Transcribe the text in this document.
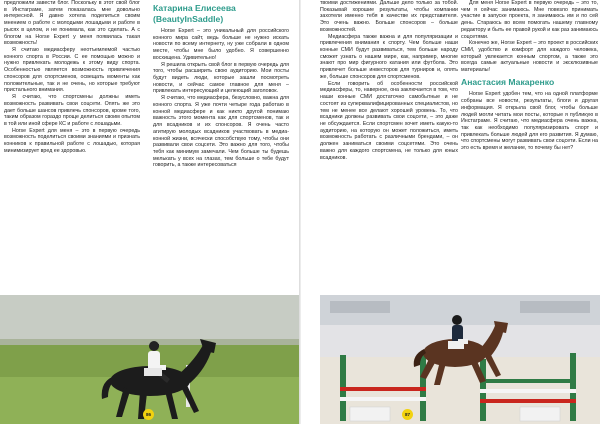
предложили завести блог. Поскольку в этот свой блог в Инстаграме, затем показалась мне довольно интересной. Я давно хотела поделиться своим мнением о работе с молодыми лошадьми и работе в рысях в целом, и не понимала, как это сделать. А с блогом на Horse Expert у меня появилась такая возможность!

Я считаю медиасферу неотъемлемой частью конного спорта в России. С ее помощью можно и нужно привлекать молодежь к этому виду спорта. Особенностью является возможность привлечения спонсоров для спортсменов, освещать моменты как положительные, так и не очень, но которые требуют пристального внимания.

Я считаю, что спортсмены должны иметь возможность развивать свои соцсети. Опять же это дает больше шансов привлечь спонсоров, кроме того, таким образом гораздо проще делиться своим опытом в той или иной сфере КС и работе с лошадьми.

Horse Expert для меня – это в первую очередь возможность поделиться своими знаниями и признать конников к правильной работе с лошадью, которая минимизирует вред ее здоровью.

Катарина Елисеева (BeautyInSaddle)

Horse Expert – это уникальный для российского конного мира сайт, ведь больше не нужно искать новости по всему интернету, ну уже собрали в одном месте, чтобы мне было удобно. Я совершенно восхищена. Удивительно!

Я решила открыть свой блог в первую очередь для того, чтобы расширить свою аудиторию. Мои посты будут видеть люди, которые зашли посмотреть новости, и сейчас самое главное для меня – привлекать интересующий и целеющий заголовок.

Я считаю, что медиасфера, безусловно, важна для конного спорта. Я уже почти четыре года работаю в конной медиасфере и как никто другой понимаю важность этого момента как для спортсменов, так и для всадников и их спонсоров. Я очень часто агитирую молодых всадников участвовать в медиа-конной жизни, всячески способствую тому, чтобы они развивали свои соцсети. Это важно для того, чтобы тебя как минимум замечали. Чем больше ты будешь мелькать у всех на глазах, тем больше о тебе будут говорить, а также интересоваться

86

твоими достижениями. Дальше дело только за тобой. Показывай хорошие результаты, чтобы компании захотели именно тебя в качестве их представителя. Это очень важно. Больше спонсоров – больше возможностей.

Медиасфера также важна и для популяризации и привлечения внимания к спорту. Чем больше наши конные СМИ будут развиваться, тем больше народу сможет узнать о нашем мире, как, например, многие знают про мир фигурного катания или футбола. Это привлечет больше инвесторов для турниров и, опять же, больше спонсоров для спортсменов.

Если говорить об особенности российской медиасферы, то, наверное, она заключается в том, что наши конные СМИ достаточно самобытные и не состоят из суперквалифицированных специалистов, но тем не менее все делают хорошей уровень. То, что всадники должны развивать свои соцсети, – это даже не обсуждается. Если спортсмен хочет иметь какую-то аудиторию, на которую он может положиться, иметь возможность работать с различными брендами, – он должен заниматься своими соцсетями. Это очень важно для каждого спортсмена, не только для юных всадников.

Для меня Horse Expert в первую очередь – это то, чем я сейчас занимаюсь. Мне повезло принимать участие в запуске проекта, я занимаюсь им и по сей день. Стараюсь во всем помогать нашему главному редактору и быть ее правой рукой и как раз занимаюсь соцсетями.

Конечно же, Horse Expert – это проект в российских СМИ, удобство и комфорт для каждого человека, который увлекается конным спортом, а также это всегда самые актуальные новости и эксклюзивные материалы!

Анастасия Макаренко

Horse Expert удобен тем, что на одной платформе собраны все новости, результаты, блоги и другая информация. Я открыла свой блог, чтобы больше людей могли читать мои посты, которые я публикую в Инстаграме. Я считаю, что медиасфера очень важна, так как необходимо популяризировать спорт и привлекать больше людей для его развития. Я думаю, что спортсмены могут развивать свои соцсети. Если на это есть время и желание, то почему бы нет?

87
